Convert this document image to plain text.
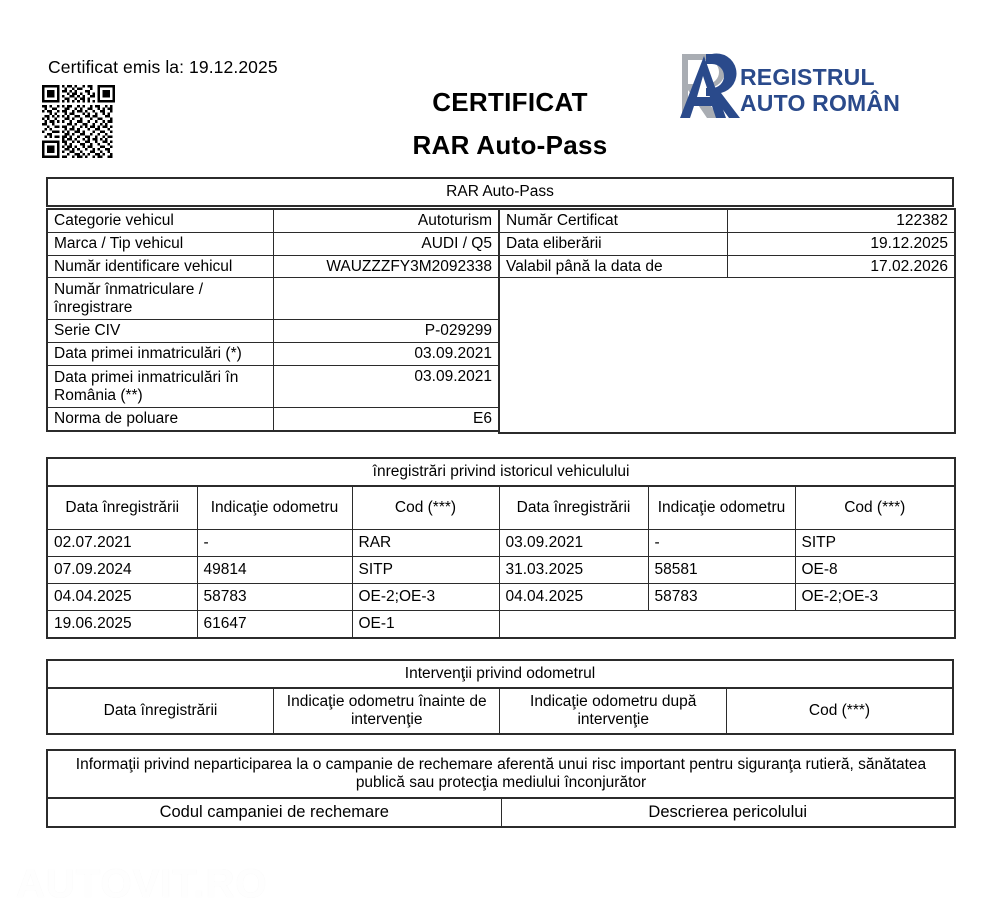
Certificat emis la: 19.12.2025
CERTIFICAT
RAR Auto-Pass
REGISTRUL
AUTO ROMÂN
RAR Auto-Pass
Categorie vehicul	Autoturism
Marca / Tip vehicul	AUDI / Q5
Număr identificare vehicul	WAUZZZFY3M2092338
Număr înmatriculare / înregistrare	
Serie CIV	P-029299
Data primei inmatriculări (*)	03.09.2021
Data primei inmatriculări în România (**)	03.09.2021
Norma de poluare	E6
Număr Certificat	122382
Data eliberării	19.12.2025
Valabil până la data de	17.02.2026

înregistrări privind istoricul vehiculului					
Data înregistrării	Indicaţie odometru	Cod (***)	Data înregistrării	Indicaţie odometru	Cod (***)
02.07.2021	-	RAR	03.09.2021	-	SITP
07.09.2024	49814	SITP	31.03.2025	58581	OE-8
04.04.2025	58783	OE-2;OE-3	04.04.2025	58783	OE-2;OE-3
19.06.2025	61647	OE-1			
Intervenţii privind odometrul
Data înregistrării	Indicaţie odometru înainte de intervenţie	Indicaţie odometru după intervenţie	Cod (***)
Informaţii privind neparticiparea la o campanie de rechemare aferentă unui risc important pentru siguranţa rutieră, sănătatea publică sau protecţia mediului înconjurător
Codul campaniei de rechemare	Descrierea pericolului
AUTOVIT.RO
